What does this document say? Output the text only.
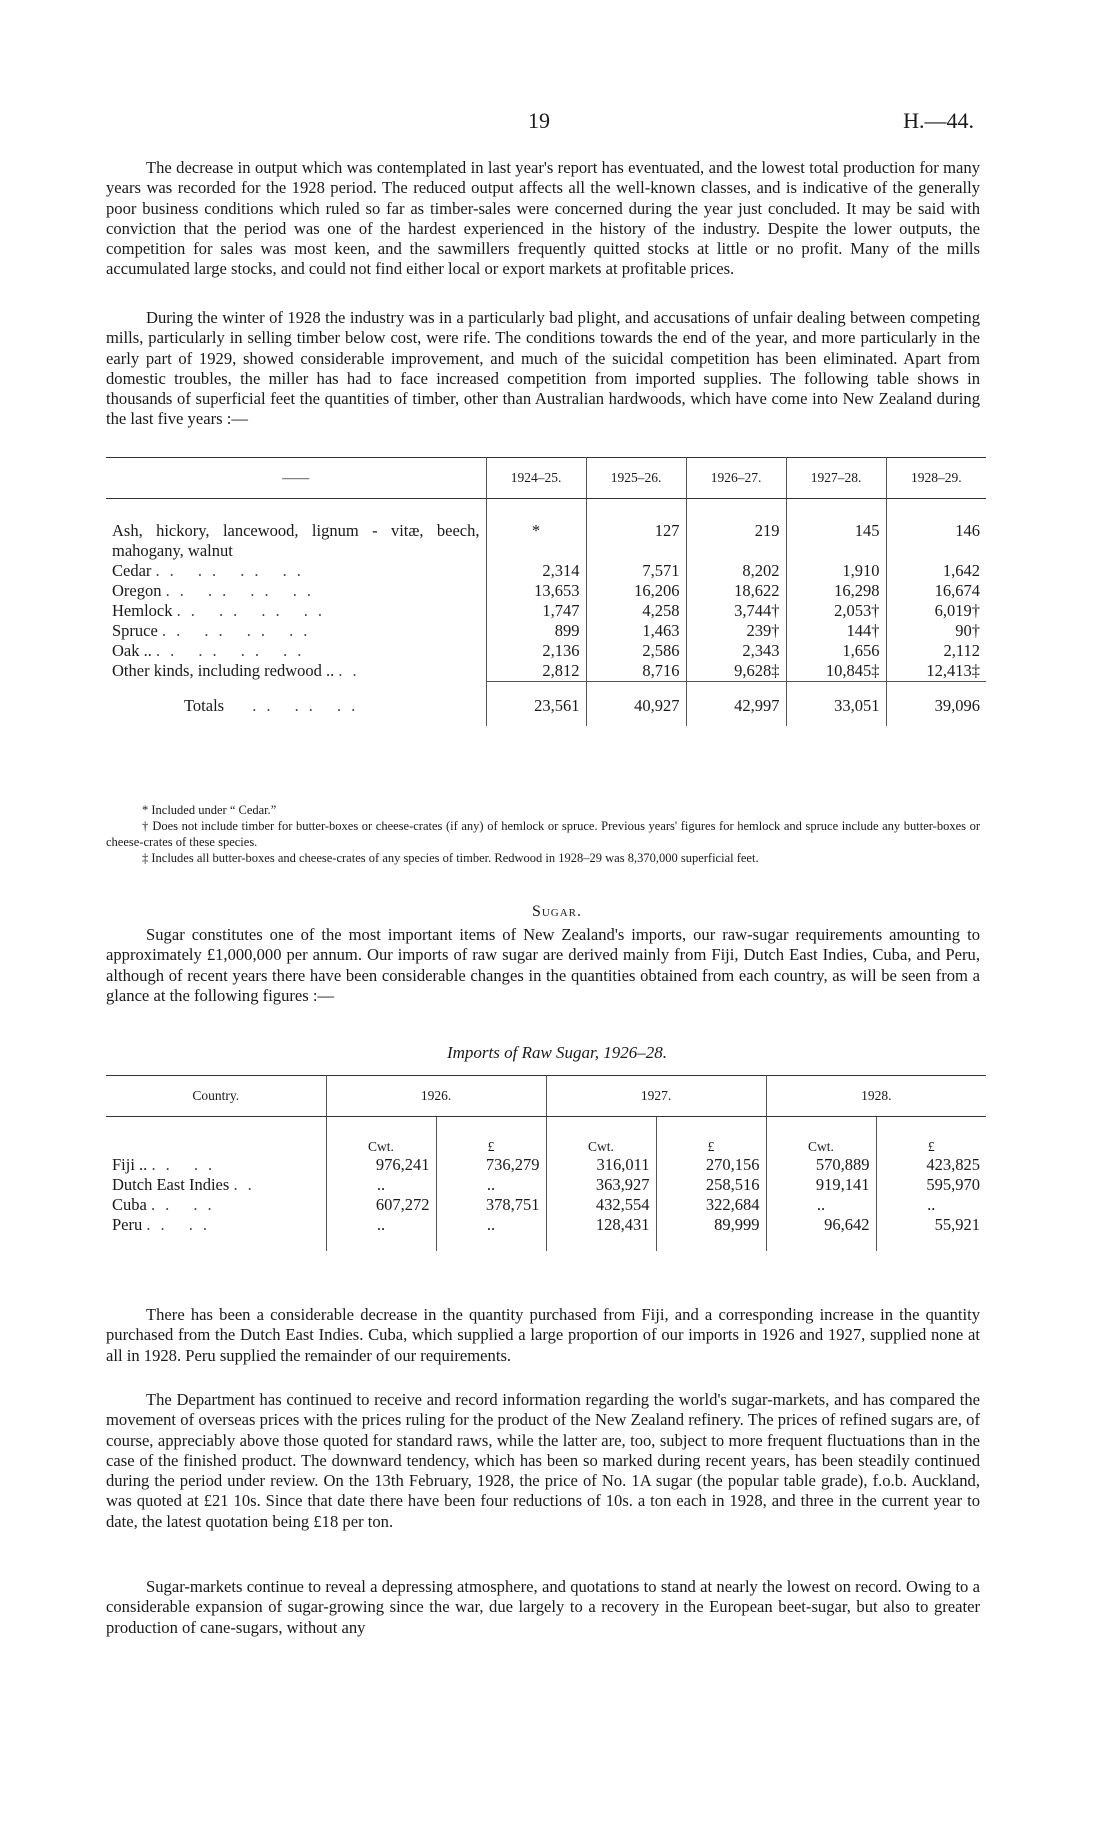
19	H.—44.

The decrease in output which was contemplated in last year's report has eventuated, and the lowest total production for many years was recorded for the 1928 period. The reduced output affects all the well-known classes, and is indicative of the generally poor business conditions which ruled so far as timber-sales were concerned during the year just concluded. It may be said with conviction that the period was one of the hardest experienced in the history of the industry. Despite the lower outputs, the competition for sales was most keen, and the sawmillers frequently quitted stocks at little or no profit. Many of the mills accumulated large stocks, and could not find either local or export markets at profitable prices.

During the winter of 1928 the industry was in a particularly bad plight, and accusations of unfair dealing between competing mills, particularly in selling timber below cost, were rife. The conditions towards the end of the year, and more particularly in the early part of 1929, showed considerable improvement, and much of the suicidal competition has been eliminated. Apart from domestic troubles, the miller has had to face increased competition from imported supplies. The following table shows in thousands of superficial feet the quantities of timber, other than Australian hardwoods, which have come into New Zealand during the last five years :—

——	1924–25.	1925–26.	1926–27.	1927–28.	1928–29.

Ash, hickory, lancewood, lignum - vitæ, beech, mahogany, walnut	*	127	219	145	146
Cedar .. .. .. ..	2,314	7,571	8,202	1,910	1,642
Oregon .. .. .. ..	13,653	16,206	18,622	16,298	16,674
Hemlock .. .. .. ..	1,747	4,258	3,744†	2,053†	6,019†
Spruce .. .. .. ..	899	1,463	239†	144†	90†
Oak .. .. .. .. ..	2,136	2,586	2,343	1,656	2,112
Other kinds, including redwood .. ..	2,812	8,716	9,628‡	10,845‡	12,413‡
Totals .. .. ..	23,561	40,927	42,997	33,051	39,096

* Included under “ Cedar.”

† Does not include timber for butter-boxes or cheese-crates (if any) of hemlock or spruce. Previous years' figures for hemlock and spruce include any butter-boxes or cheese-crates of these species.

‡ Includes all butter-boxes and cheese-crates of any species of timber. Redwood in 1928–29 was 8,370,000 superficial feet.

Sugar.

Sugar constitutes one of the most important items of New Zealand's imports, our raw-sugar requirements amounting to approximately £1,000,000 per annum. Our imports of raw sugar are derived mainly from Fiji, Dutch East Indies, Cuba, and Peru, although of recent years there have been considerable changes in the quantities obtained from each country, as will be seen from a glance at the following figures :—

Imports of Raw Sugar, 1926–28.
Country.	1926.		1927.		1928.	

	Cwt.	£	Cwt.	£	Cwt.	£
Fiji .. .. ..	976,241	736,279	316,011	270,156	570,889	423,825
Dutch East Indies ..	..	..	363,927	258,516	919,141	595,970
Cuba .. ..	607,272	378,751	432,554	322,684	..	..
Peru .. ..	..	..	128,431	89,999	96,642	55,921

There has been a considerable decrease in the quantity purchased from Fiji, and a corresponding increase in the quantity purchased from the Dutch East Indies. Cuba, which supplied a large proportion of our imports in 1926 and 1927, supplied none at all in 1928. Peru supplied the remainder of our requirements.

The Department has continued to receive and record information regarding the world's sugar-markets, and has compared the movement of overseas prices with the prices ruling for the product of the New Zealand refinery. The prices of refined sugars are, of course, appreciably above those quoted for standard raws, while the latter are, too, subject to more frequent fluctuations than in the case of the finished product. The downward tendency, which has been so marked during recent years, has been steadily continued during the period under review. On the 13th February, 1928, the price of No. 1A sugar (the popular table grade), f.o.b. Auckland, was quoted at £21 10s. Since that date there have been four reductions of 10s. a ton each in 1928, and three in the current year to date, the latest quotation being £18 per ton.

Sugar-markets continue to reveal a depressing atmosphere, and quotations to stand at nearly the lowest on record. Owing to a considerable expansion of sugar-growing since the war, due largely to a recovery in the European beet-sugar, but also to greater production of cane-sugars, without any
